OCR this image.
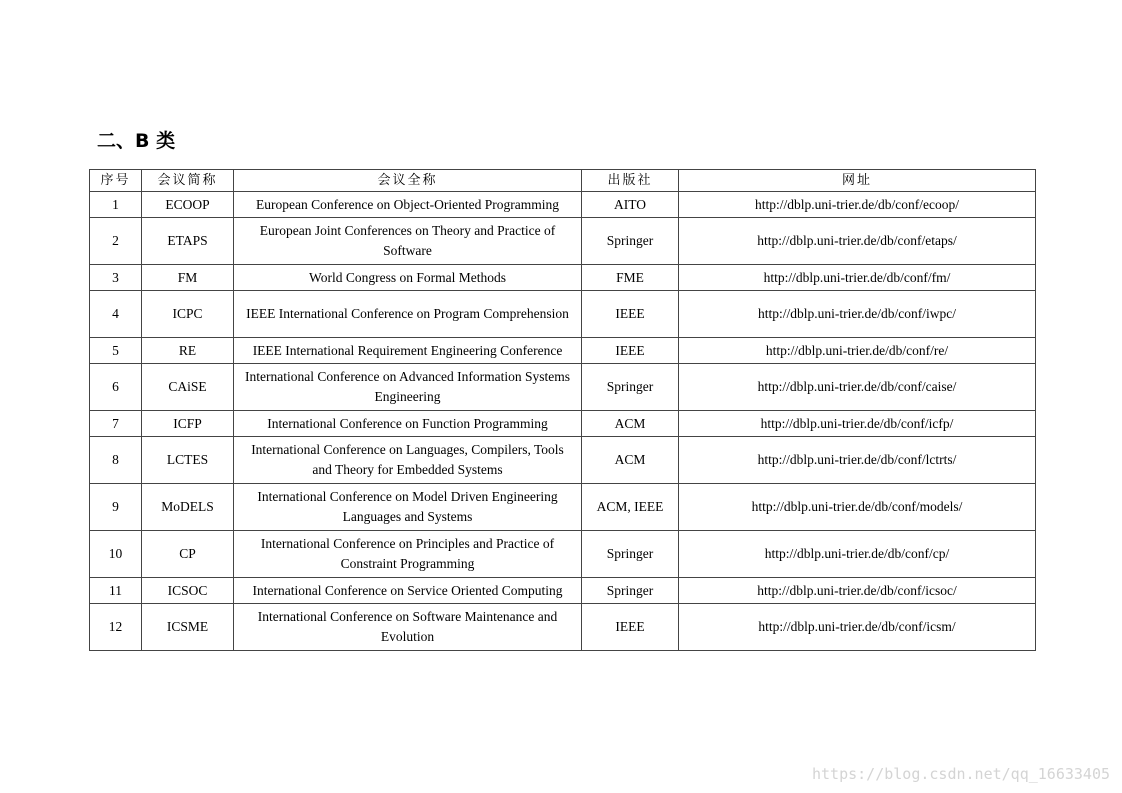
二、B 类
序号	会议简称	会议全称	出版社	网址
1	ECOOP	European Conference on Object-Oriented Programming	AITO	http://dblp.uni-trier.de/db/conf/ecoop/
2	ETAPS	European Joint Conferences on Theory and Practice of Software	Springer	http://dblp.uni-trier.de/db/conf/etaps/
3	FM	World Congress on Formal Methods	FME	http://dblp.uni-trier.de/db/conf/fm/
4	ICPC	IEEE International Conference on Program Comprehension	IEEE	http://dblp.uni-trier.de/db/conf/iwpc/
5	RE	IEEE International Requirement Engineering Conference	IEEE	http://dblp.uni-trier.de/db/conf/re/
6	CAiSE	International Conference on Advanced Information Systems Engineering	Springer	http://dblp.uni-trier.de/db/conf/caise/
7	ICFP	International Conference on Function Programming	ACM	http://dblp.uni-trier.de/db/conf/icfp/
8	LCTES	International Conference on Languages, Compilers, Tools and Theory for Embedded Systems	ACM	http://dblp.uni-trier.de/db/conf/lctrts/
9	MoDELS	International Conference on Model Driven Engineering Languages and Systems	ACM, IEEE	http://dblp.uni-trier.de/db/conf/models/
10	CP	International Conference on Principles and Practice of Constraint Programming	Springer	http://dblp.uni-trier.de/db/conf/cp/
11	ICSOC	International Conference on Service Oriented Computing	Springer	http://dblp.uni-trier.de/db/conf/icsoc/
12	ICSME	International Conference on Software Maintenance and Evolution	IEEE	http://dblp.uni-trier.de/db/conf/icsm/
https://blog.csdn.net/qq_16633405
